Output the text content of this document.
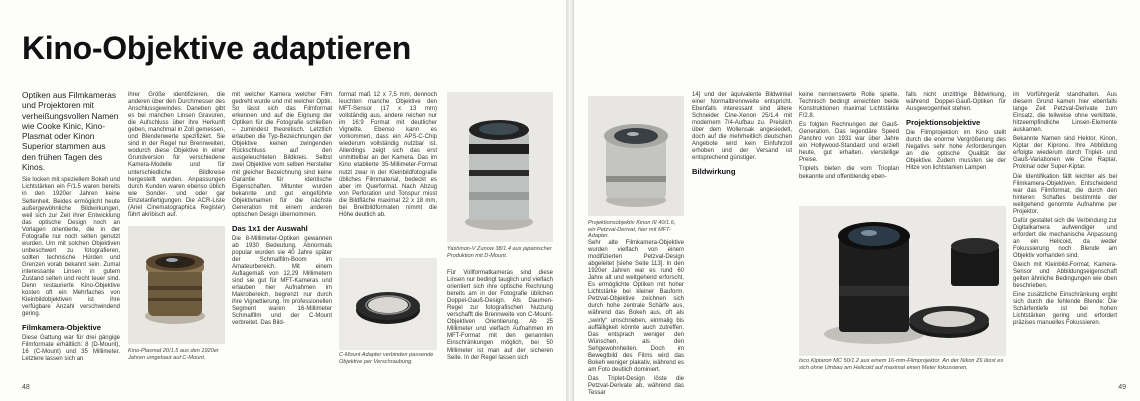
Kino-Objektive adaptieren

Optiken aus Filmkameras und Projektoren mit verheißungsvollen Namen wie Cooke Kinic, Kino-Plasmat oder Kinon Superior stammen aus den frühen Tagen des Kinos.

Sie locken mit speziellem Bokeh und Lichtstärken ein F/1.5 waren bereits in den 1920er Jahren keine Seltenheit. Beides ermöglicht heute außergewöhnliche Bildwirkungen, weil sich zur Zeit ihrer Entwicklung das optische Design noch an Vorlagen orientierte, die in der Fotografie nur noch selten genutzt wurden. Um mit solchen Objektiven unbeschwert zu fotografieren, sollten technische Hürden und Grenzen vorab bekannt sein. Zumal interessante Linsen in gutem Zustand selten und recht teuer sind. Denn restaurierte Kino-Objektive kosten oft ein Mehrfaches von Kleinbildobjektiven ist ihre verfügbare Anzahl verschwindend gering.

Filmkamera-Objektive

Diese Gattung war für drei gängige Filmformate erhältlich: 8 (D-Mount), 16 (C-Mount) und 35 Millimeter. Letztere lassen sich an

ihrer Größe identifizieren, die anderen über den Durchmesser des Anschlussgewindes. Daneben gibt es bei manchen Linsen Gravuren, die Aufschluss über ihre Herkunft geben, manchmal in Zoll gemessen, und Blendenwerte spezifiziert. Sie sind in der Regel nur Brennweiten, wodurch diese Objektive in einer Grundversion für verschiedene Kamera-Modelle und für unterschiedliche Bildkreise hergestellt wurden. Anpassungen durch Kunden waren ebenso üblich wie Sonder- und oder gar Einzelanfertigungen. Die ACR-Liste (Ariel Cinematographica Register) führt akribisch auf.

Kino-Plasmat 20/1.5 aus den 1920er Jahren umgebaut auf C-Mount.

mit welcher Kamera welcher Film gedreht wurde und mit welcher Optik. So lässt sich das Filmformat erkennen und auf die Eignung der Optiken für die Fotografie schließen – zumindest theoretisch. Letztlich erlauben die Typ-Bezeichnungen der Objektive keinen zwingenden Rückschluss auf den ausgeleuchteten Bildkreis. Selbst zwei Objektive vom selben Hersteller mit gleicher Bezeichnung sind keine Garantie für identische Eigenschaften. Mitunter wurden bekannte und gut eingeführte Objektivnamen für die nächste Generation mit einem anderen optischen Design übernommen.

Das 1x1 der Auswahl

Die 8-Millimeter-Optiken gewannen ab 1930 Bedeutung. Abnormals popular wurden sie 40 Jahre später der Schmalfilm-Boom im Amateurbereich. Mit einem Auflagemaß von 12,29 Millimetern sind sie gut für MFT-Kameras und erlauben hier Aufnahmen im Makrobereich, begrenzt nur durch ihre Vignettierung. Im professionellen Segment waren 16-Millimeter Schmalfilm und der C-Mount verbreitet. Das Bild-

format maß 12 x 7,5 mm, dennoch leuchten manche Objektive den MFT-Sensor (17 x 13 mm) vollständig aus, andere reichen nur im 16:9 Format mit deutlicher Vignette. Ebenso kann es vorkommen, dass ein APS-C-Chip wiederum vollständig nutzbar ist. Allerdings zeigt sich das erst unmittelbar an der Kamera. Das im Kino etablierte 35-Millimeter-Format nutzt zwar in der Kleinbildfotografie übliches Filmmaterial, bedeckt es aber im Querformat. Nach Abzug von Perforation und Tonspur misst die Bildfläche maximal 22 x 18 mm, bei Breitbildformaten nimmt die Höhe deutlich ab.

C-Mount Adapter verbinden passende Objektive per Verschraubung.
Yashinon-V Zunow 38/1.4 aus japanischer Produktion mit D-Mount.

Für Vollformatkameras sind diese Linsen nur bedingt tauglich und vielfach orientiert sich ihre optische Rechnung bereits am in der Fotografie üblichen Doppel-Gauß-Design. Als Daumen-Regel zur fotografischen Nutzung verschafft die Brennweite von C-Mount-Objektiven Orientierung. Ab 25 Millimeter und vielfach Aufnahmen im MFT-Format mit den genannten Einschränkungen möglich, bei 50 Millimeter ist man auf der sicheren Seite. In der Regel lassen sich

48
Projektionsobjektiv Kinon III 40/1.6, ein Petzval-Derivat, hier mit MFT-Adapter.

Sehr alte Filmkamera-Objektive wurden vielfach von einem modifizierten Petzval-Design abgeleitet [siehe Seite 113]. In den 1920er Jahren war es rund 60 Jahre alt und weitgehend erforscht. Es ermöglichte Optiken mit hoher Lichtstärke bei kleiner Bauform. Petzval-Objektive zeichnen sich durch hohe zentrale Schärfe aus, während das Bokeh aus, oft als „swirly“ umschrieben, einmalig bis auffälligkeit könnte auch zutreffen. Das entsprach weniger den Wünschen, als den Sehgewohnheiten. Doch im Bewegtbild des Films wird das Bokeh weniger plakativ, während es am Foto deutlich dominiert.

Das Triplet-Design löste die Petzval-Derivate ab, während das Tessar

14] und der äquivalente Bildwinkel einer Normalbrennweite entspricht. Ebenfalls interessant sind ältere Schneider Cine-Xenon 25/1.4 mit modernem 7/4-Aufbau zu. Preislich über dem Wollensak angesiedelt, doch auf die mehrheitlich deutschen Angebote wird kein Einfuhrzoll erhoben und der Versand ist entsprechend günstiger.

Bildwirkung

keine nennenswerte Rolle spielte. Technisch bedingt erreichten beide Konstruktionen maximal Lichtstärke F/2.8.

Es folgten Rechnungen der Gauß-Generation. Das legendäre Speed Panchro von 1931 war über Jahre ein Hollywood-Standard und erzielt heute, gut erhalten, vierstellige Preise.

Triplets bieten die vom Trioplan bekannte und offenblendig eben-

falls nicht unzittrige Bildwirkung, während Doppel-Gauß-Optiken für Ausgewogenheit stehen.

Projektionsobjektive

Die Filmprojektion im Kino stellt durch die enorme Vergrößerung des Negativs sehr hohe Anforderungen an die optische Qualität der Objektive. Zudem mussten sie der Hitze von lichtstarken Lampen

Isco Kiptaron MC 50/1.2 aus einem 16-mm-Filmprojektor. An der Nikon Z6 lässt es sich ohne Umbau am Helicoid auf maximal einen Meter fokussieren.

im Vorführgerät standhalten. Aus diesem Grund kamen hier ebenfalls lange Zeit Petzval-Derivate zum Einsatz, die teilweise ohne verkittete, hitzeempfindliche Linsen-Elemente auskamen.

Bekannte Namen sind Hektor, Kinon, Kiptar der Kiprono. Ihre Abbildung erfolgte wiederum durch Triplet- und Gauß-Variationen wie Cine Raptar, Prokinar oder Super-Kiptar.

Die Identifikation fällt leichter als bei Filmkamera-Objektiven. Entscheidend war das Filmformat, die durch den hinteren Schaftes bestimmte der weitgehend genormte Aufnahme per Projektor.

Dafür gestaltet sich die Verbindung zur Digitalkamera aufwendiger und erfordert die mechanische Anpassung an ein Helicoid, da weder Fokussierung noch Blende am Objektiv vorhanden sind.

Gleich mit Kleinbild-Format, Kamera-Sensor und Abbildungseigenschaft gelten ähnliche Bedingungen wie oben beschrieben.

Eine zusätzliche Einschränkung ergibt sich durch die fehlende Blende: Die Schärfentiefe ist bei hohen Lichtstärken gering und erfordert präzises manuelles Fokussieren.

49
